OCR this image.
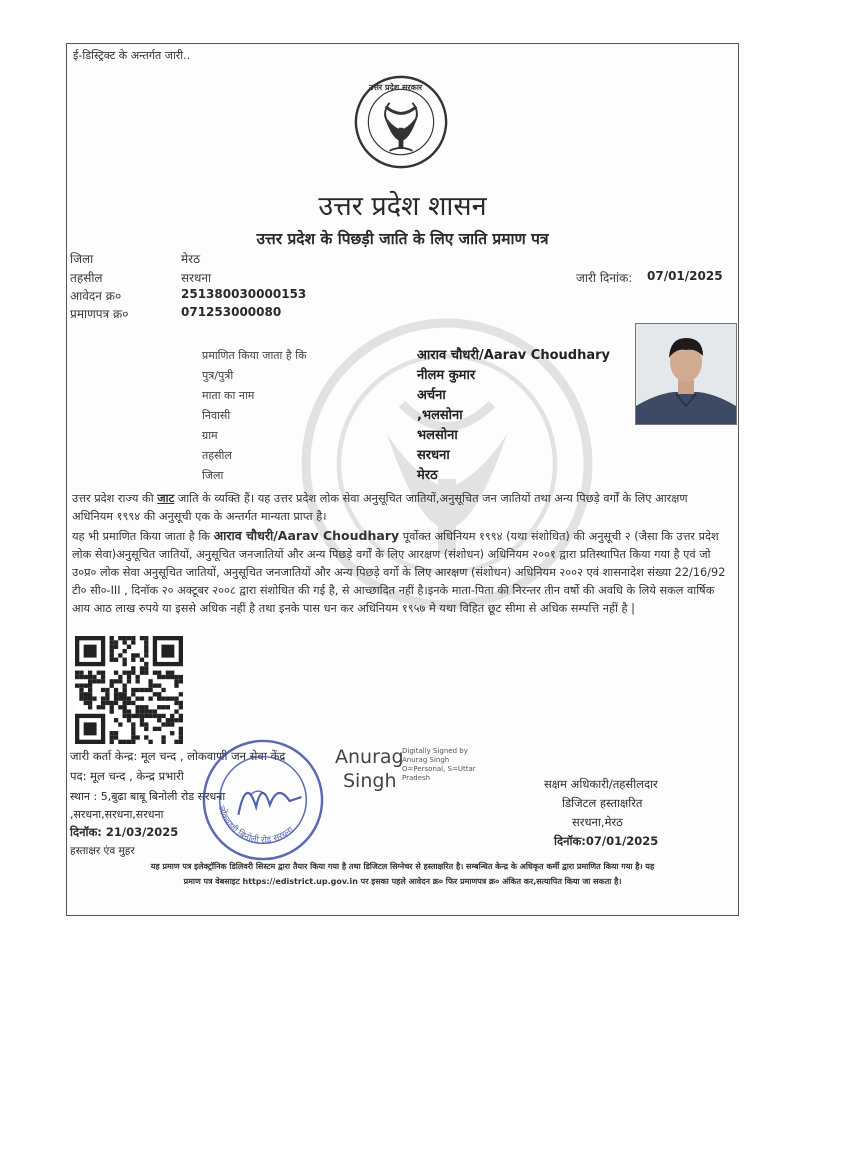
ई-डिस्ट्रिक्ट के अन्तर्गत जारी..
उत्तर प्रदेश सरकार
उत्तर प्रदेश शासन
उत्तर प्रदेश के पिछड़ी जाति के लिए जाति प्रमाण पत्र
जिला	मेरठ
तहसील	सरधना	जारी दिनांक: 07/01/2025
आवेदन क्र०	251380030000153
प्रमाणपत्र क्र०	071253000080
प्रमाणित किया जाता है कि	आराव चौधरी/Aarav Choudhary
पुत्र/पुत्री	नीलम कुमार
माता का नाम	अर्चना
निवासी	,भलसोना
ग्राम	भलसोना
तहसील	सरधना
जिला	मेरठ
उत्तर प्रदेश राज्य की जाट जाति के व्यक्ति हैं। यह उत्तर प्रदेश लोक सेवा अनुसूचित जातियों,अनुसूचित जन जातियों तथा अन्य पिछड़े वर्गों के लिए आरक्षण अधिनियम १९९४ की अनुसूची एक के अन्तर्गत मान्यता प्राप्त है।
यह भी प्रमाणित किया जाता है कि आराव चौधरी/Aarav Choudhary पूर्वोक्त अधिनियम १९९४ (यथा संशोधित) की अनुसूची २ (जैसा कि उत्तर प्रदेश लोक सेवा)अनुसूचित जातियों, अनुसूचित जनजातियों और अन्य पिछड़े वर्गों के लिए आरक्षण (संशोधन) अधिनियम २००१ द्वारा प्रतिस्थापित किया गया है एवं जो उ०प्र० लोक सेवा अनुसूचित जातियों, अनुसूचित जनजातियों और अन्य पिछड़े वर्गो के लिए आरक्षण (संशोधन) अधिनियम २००२ एवं शासनादेश संख्या 22/16/92 टी० सी०-III , दिनॉक २० अक्टूबर २००८ द्वारा संशोधित की गई है, से आच्छादित नहीं है।इनके माता-पिता की निरन्तर तीन वर्षो की अवधि के लिये सकल वार्षिक आय आठ लाख रुपये या इससे अधिक नहीं है तथा इनके पास धन कर अधिनियम १९५७ मे यथा विहित छूट सीमा से अधिक सम्पत्ति नहीं है |
जारी कर्ता केन्द्र: मूल चन्द , लोकवाणी जन सेवा केंद्र
पद: मूल चन्द , केन्द्र प्रभारी
स्थान : 5,बुढा बाबू बिनोली रोड सरधना
,सरधना,सरधना,सरधना
दिनॉक: 21/03/2025
हस्ताक्षर एंव मुहर
लोकवाणी बिनोली रोड सरधना
Anurag
Singh
Digitally Signed by
Anurag Singh
O=Personal, S=Uttar
Pradesh	सक्षम अधिकारी/तहसीलदार
डिजिटल हस्ताक्षरित
सरधना,मेरठ
दिनॉक:07/01/2025
यह प्रमाण पत्र इलेक्ट्रॉनिक डिलिवरी सिस्टम द्वारा तैयार किया गया है तथा डिजिटल सिग्नेचर से हस्ताक्षरित है। सम्बन्धित केन्द्र के अधिकृत कर्मी द्वारा प्रमाणित किया गया है। यह
प्रमाण पत्र वेबसाइट https://edistrict.up.gov.in पर इसका पहले आवेदन क्र० फिर प्रमाणपत्र क्र० अंकित कर,सत्यापित किया जा सकता है।
